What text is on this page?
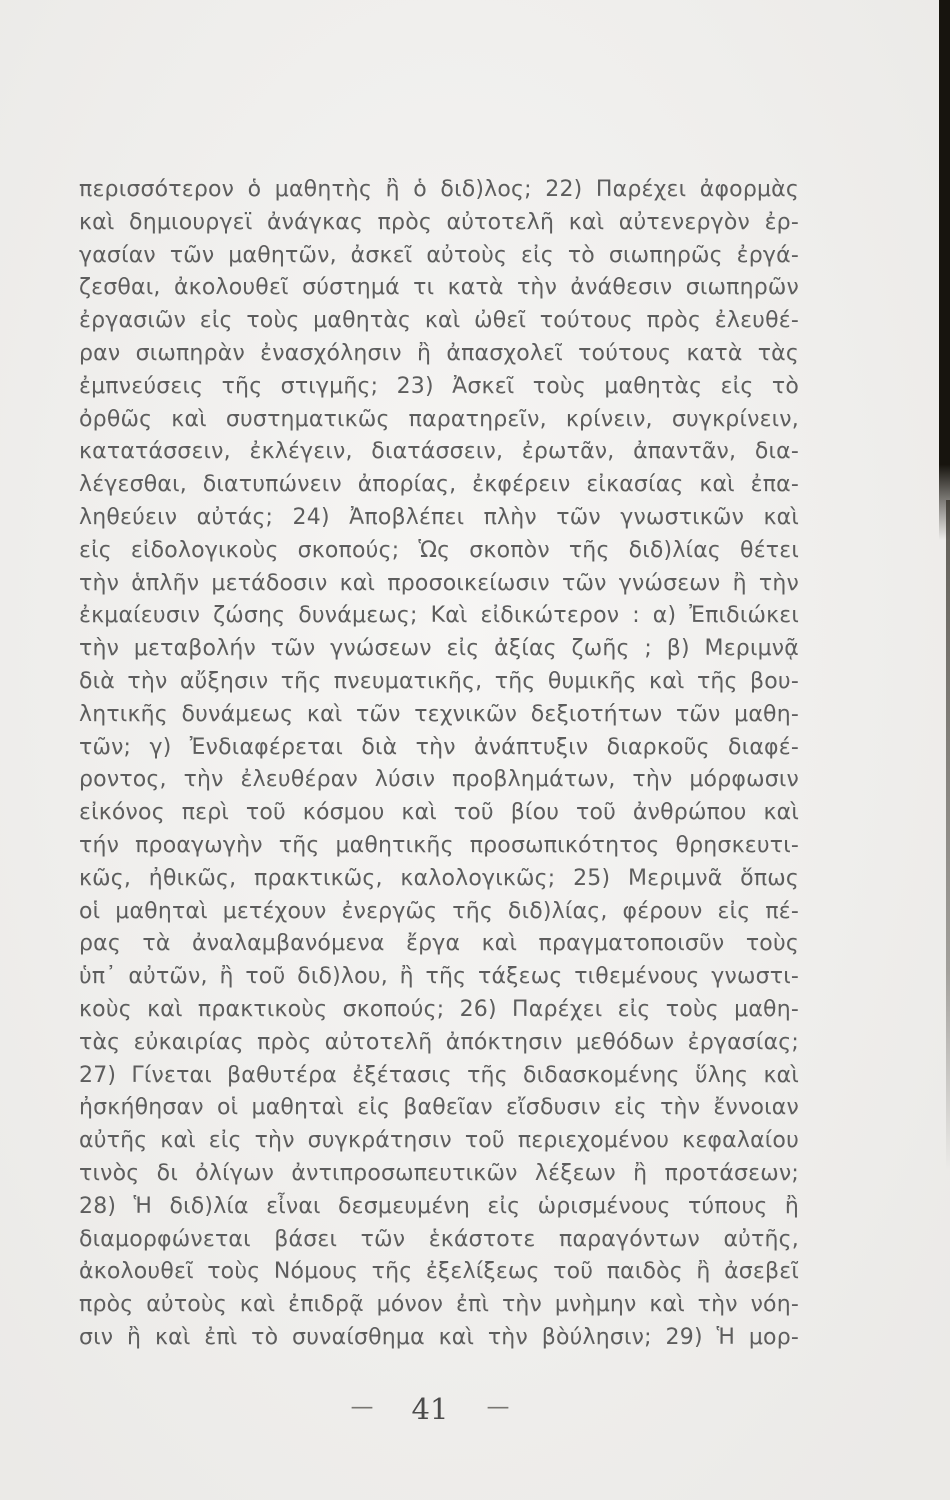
περισσότερον ὁ μαθητὴς ἢ ὁ διδ)λος; 22) Παρέχει ἀφορμὰς
καὶ δημιουργεϊ ἀνάγκας πρὸς αὐτοτελῆ καὶ αὐτενεργὸν ἐρ-
γασίαν τῶν μαθητῶν, ἀσκεῖ αὐτοὺς εἰς τὸ σιωπηρῶς ἐργά-
ζεσθαι, ἀκολουθεῖ σύστημά τι κατὰ τὴν ἀνάθεσιν σιωπηρῶν
ἐργασιῶν εἰς τοὺς μαθητὰς καὶ ὠθεῖ τούτους πρὸς ἐλευθέ-
ραν σιωπηρὰν ἐνασχόλησιν ἢ ἀπασχολεῖ τούτους κατὰ τὰς
ἐμπνεύσεις τῆς στιγμῆς; 23) Ἀσκεῖ τοὺς μαθητὰς εἰς τὸ
ὀρθῶς καὶ συστηματικῶς παρατηρεῖν, κρίνειν, συγκρίνειν,
κατατάσσειν, ἐκλέγειν, διατάσσειν, ἐρωτᾶν, ἀπαντᾶν, δια-
λέγεσθαι, διατυπώνειν ἀπορίας, ἐκφέρειν εἰκασίας καὶ ἐπα-
ληθεύειν αὐτάς; 24) Ἀποβλέπει πλὴν τῶν γνωστικῶν καὶ
εἰς εἰδολογικοὺς σκοπούς; Ὡς σκοπὸν τῆς διδ)λίας θέτει
τὴν ἁπλῆν μετάδοσιν καὶ προσοικείωσιν τῶν γνώσεων ἢ τὴν
ἐκμαίευσιν ζώσης δυνάμεως; Καὶ εἰδικώτερον : α) Ἐπιδιώκει
τὴν μεταβολήν τῶν γνώσεων εἰς ἀξίας ζωῆς ; β) Μεριμνᾷ
διὰ τὴν αὔξησιν τῆς πνευματικῆς, τῆς θυμικῆς καὶ τῆς βου-
λητικῆς δυνάμεως καὶ τῶν τεχνικῶν δεξιοτήτων τῶν μαθη-
τῶν; γ) Ἐνδιαφέρεται διὰ τὴν ἀνάπτυξιν διαρκοῦς διαφέ-
ροντος, τὴν ἐλευθέραν λύσιν προβλημάτων, τὴν μόρφωσιν
εἰκόνος περὶ τοῦ κόσμου καὶ τοῦ βίου τοῦ ἀνθρώπου καὶ
τήν προαγωγὴν τῆς μαθητικῆς προσωπικότητος θρησκευτι-
κῶς, ἠθικῶς, πρακτικῶς, καλολογικῶς; 25) Μεριμνᾶ ὅπως
οἱ μαθηταὶ μετέχουν ἐνεργῶς τῆς διδ)λίας, φέρουν εἰς πέ-
ρας τὰ ἀναλαμβανόμενα ἔργα καὶ πραγματοποισῦν τοὺς
ὑπ᾽ αὐτῶν, ἢ τοῦ διδ)λου, ἢ τῆς τάξεως τιθεμένους γνωστι-
κοὺς καὶ πρακτικοὺς σκοπούς; 26) Παρέχει εἰς τοὺς μαθη-
τὰς εὐκαιρίας πρὸς αὐτοτελῆ ἀπόκτησιν μεθόδων ἐργασίας;
27) Γίνεται βαθυτέρα ἐξέτασις τῆς διδασκομένης ὕλης καὶ
ἠσκήθησαν οἱ μαθηταὶ εἰς βαθεῖαν εἴσδυσιν εἰς τὴν ἔννοιαν
αὐτῆς καὶ εἰς τὴν συγκράτησιν τοῦ περιεχομένου κεφαλαίου
τινὸς δι ὀλίγων ἀντιπροσωπευτικῶν λέξεων ἢ προτάσεων;
28) Ἡ διδ)λία εἶναι δεσμευμένη εἰς ὡρισμένους τύπους ἢ
διαμορφώνεται βάσει τῶν ἑκάστοτε παραγόντων αὐτῆς,
ἀκολουθεῖ τοὺς Νόμους τῆς ἐξελίξεως τοῦ παιδὸς ἢ ἀσεβεῖ
πρὸς αὐτοὺς καὶ ἐπιδρᾷ μόνον ἐπὶ τὴν μνὴμην καὶ τὴν νόη-
σιν ἢ καὶ ἐπὶ τὸ συναίσθημα καὶ τὴν βὸύλησιν; 29) Ἡ μορ-
— 41 —
